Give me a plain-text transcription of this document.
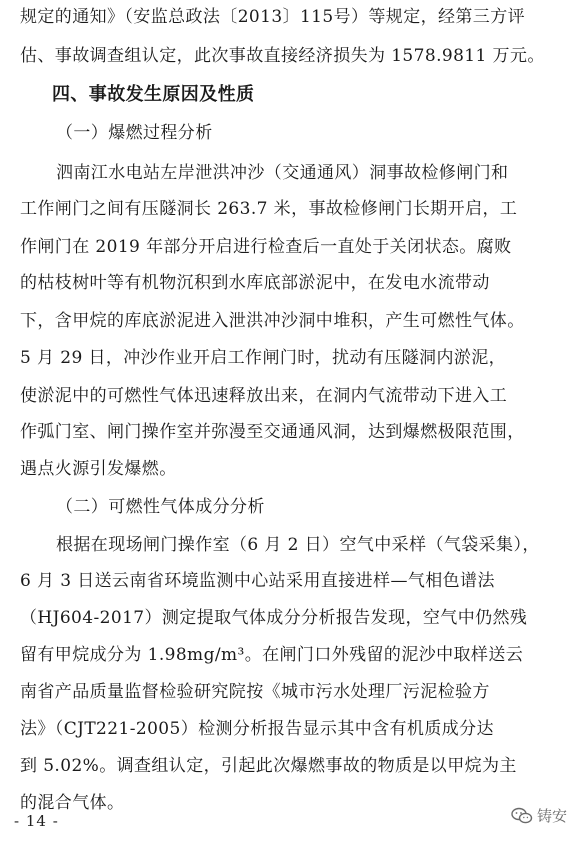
规定的通知》（安监总政法〔2013〕115号）等规定，经第三方评
估、事故调查组认定，此次事故直接经济损失为 1578.9811 万元。
四、事故发生原因及性质
（一）爆燃过程分析
泗南江水电站左岸泄洪冲沙（交通通风）洞事故检修闸门和
工作闸门之间有压隧洞长 263.7 米，事故检修闸门长期开启，工
作闸门在 2019 年部分开启进行检查后一直处于关闭状态。腐败
的枯枝树叶等有机物沉积到水库底部淤泥中，在发电水流带动
下，含甲烷的库底淤泥进入泄洪冲沙洞中堆积，产生可燃性气体。
5 月 29 日，冲沙作业开启工作闸门时，扰动有压隧洞内淤泥，
使淤泥中的可燃性气体迅速释放出来，在洞内气流带动下进入工
作弧门室、闸门操作室并弥漫至交通通风洞，达到爆燃极限范围，
遇点火源引发爆燃。
（二）可燃性气体成分分析
根据在现场闸门操作室（6 月 2 日）空气中采样（气袋采集），
6 月 3 日送云南省环境监测中心站采用直接进样—气相色谱法
（HJ604-2017）测定提取气体成分分析报告发现，空气中仍然残
留有甲烷成分为 1.98mg/m³。在闸门口外残留的泥沙中取样送云
南省产品质量监督检验研究院按《城市污水处理厂污泥检验方
法》（CJT221-2005）检测分析报告显示其中含有机质成分达
到 5.02%。调查组认定，引起此次爆燃事故的物质是以甲烷为主
的混合气体。
- 14 -	铸安
